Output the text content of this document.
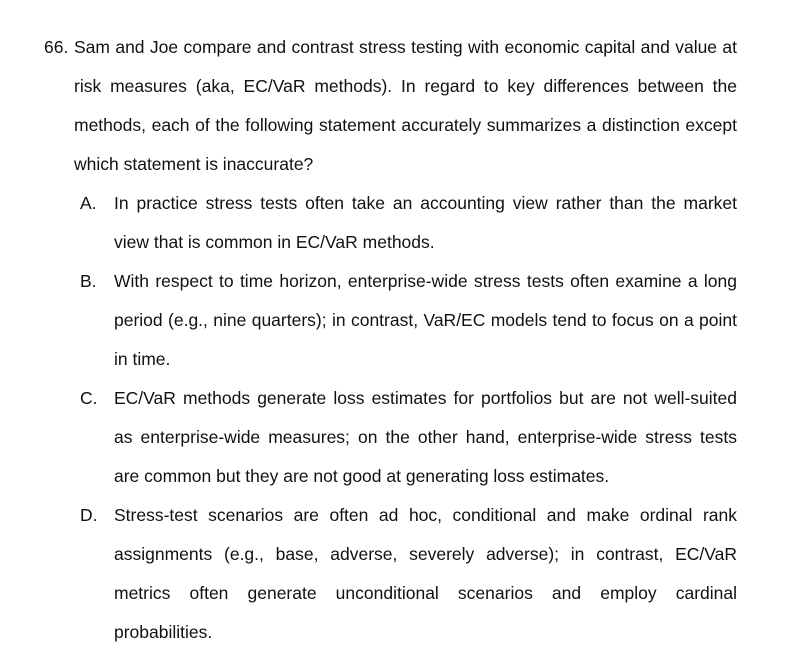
66. Sam and Joe compare and contrast stress testing with economic capital and value at risk measures (aka, EC/VaR methods). In regard to key differences between the methods, each of the following statement accurately summarizes a distinction except which statement is inaccurate?
A. In practice stress tests often take an accounting view rather than the market view that is common in EC/VaR methods.
B. With respect to time horizon, enterprise-wide stress tests often examine a long period (e.g., nine quarters); in contrast, VaR/EC models tend to focus on a point in time.
C. EC/VaR methods generate loss estimates for portfolios but are not well-suited as enterprise-wide measures; on the other hand, enterprise-wide stress tests are common but they are not good at generating loss estimates.
D. Stress-test scenarios are often ad hoc, conditional and make ordinal rank assignments (e.g., base, adverse, severely adverse); in contrast, EC/VaR metrics often generate unconditional scenarios and employ cardinal probabilities.
